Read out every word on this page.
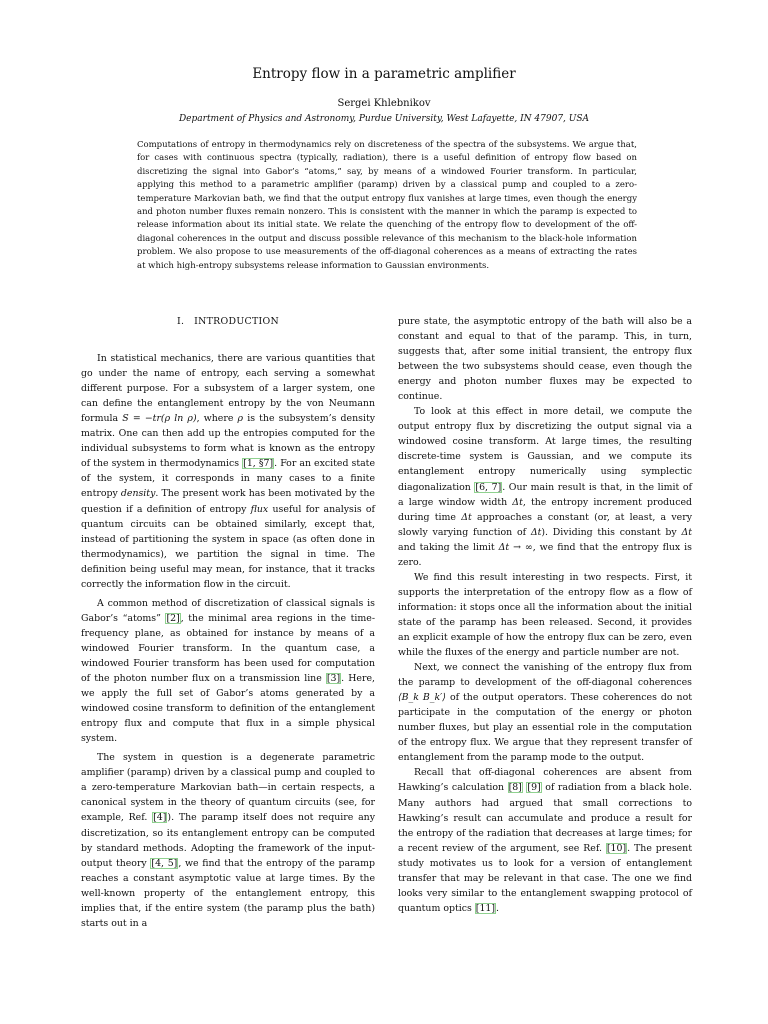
Entropy flow in a parametric amplifier
Sergei Khlebnikov
Department of Physics and Astronomy, Purdue University, West Lafayette, IN 47907, USA

Computations of entropy in thermodynamics rely on discreteness of the spectra of the subsystems. We argue that, for cases with continuous spectra (typically, radiation), there is a useful definition of entropy flow based on discretizing the signal into Gabor’s “atoms,” say, by means of a windowed Fourier transform. In particular, applying this method to a parametric amplifier (paramp) driven by a classical pump and coupled to a zero-temperature Markovian bath, we find that the output entropy flux vanishes at large times, even though the energy and photon number fluxes remain nonzero. This is consistent with the manner in which the paramp is expected to release information about its initial state. We relate the quenching of the entropy flow to development of the off-diagonal coherences in the output and discuss possible relevance of this mechanism to the black-hole information problem. We also propose to use measurements of the off-diagonal coherences as a means of extracting the rates at which high-entropy subsystems release information to Gaussian environments.

I. INTRODUCTION

In statistical mechanics, there are various quantities that go under the name of entropy, each serving a somewhat different purpose. For a subsystem of a larger system, one can define the entanglement entropy by the von Neumann formula S = −tr(ρ ln ρ), where ρ is the subsystem’s density matrix. One can then add up the entropies computed for the individual subsystems to form what is known as the entropy of the system in thermodynamics [1, §7]. For an excited state of the system, it corresponds in many cases to a finite entropy density. The present work has been motivated by the question if a definition of entropy flux useful for analysis of quantum circuits can be obtained similarly, except that, instead of partitioning the system in space (as often done in thermodynamics), we partition the signal in time. The definition being useful may mean, for instance, that it tracks correctly the information flow in the circuit.

A common method of discretization of classical signals is Gabor’s “atoms” [2], the minimal area regions in the time-frequency plane, as obtained for instance by means of a windowed Fourier transform. In the quantum case, a windowed Fourier transform has been used for computation of the photon number flux on a transmission line [3]. Here, we apply the full set of Gabor’s atoms generated by a windowed cosine transform to definition of the entanglement entropy flux and compute that flux in a simple physical system.

The system in question is a degenerate parametric amplifier (paramp) driven by a classical pump and coupled to a zero-temperature Markovian bath—in certain respects, a canonical system in the theory of quantum circuits (see, for example, Ref. [4]). The paramp itself does not require any discretization, so its entanglement entropy can be computed by standard methods. Adopting the framework of the input-output theory [4, 5], we find that the entropy of the paramp reaches a constant asymptotic value at large times. By the well-known property of the entanglement entropy, this implies that, if the entire system (the paramp plus the bath) starts out in a

pure state, the asymptotic entropy of the bath will also be a constant and equal to that of the paramp. This, in turn, suggests that, after some initial transient, the entropy flux between the two subsystems should cease, even though the energy and photon number fluxes may be expected to continue.

To look at this effect in more detail, we compute the output entropy flux by discretizing the output signal via a windowed cosine transform. At large times, the resulting discrete-time system is Gaussian, and we compute its entanglement entropy numerically using symplectic diagonalization [6, 7]. Our main result is that, in the limit of a large window width Δt, the entropy increment produced during time Δt approaches a constant (or, at least, a very slowly varying function of Δt). Dividing this constant by Δt and taking the limit Δt → ∞, we find that the entropy flux is zero.

We find this result interesting in two respects. First, it supports the interpretation of the entropy flow as a flow of information: it stops once all the information about the initial state of the paramp has been released. Second, it provides an explicit example of how the entropy flux can be zero, even while the fluxes of the energy and particle number are not.

Next, we connect the vanishing of the entropy flux from the paramp to development of the off-diagonal coherences ⟨B_k B_k′⟩ of the output operators. These coherences do not participate in the computation of the energy or photon number fluxes, but play an essential role in the computation of the entropy flux. We argue that they represent transfer of entanglement from the paramp mode to the output.

Recall that off-diagonal coherences are absent from Hawking’s calculation [8] [9] of radiation from a black hole. Many authors had argued that small corrections to Hawking’s result can accumulate and produce a result for the entropy of the radiation that decreases at large times; for a recent review of the argument, see Ref. [10]. The present study motivates us to look for a version of entanglement transfer that may be relevant in that case. The one we find looks very similar to the entanglement swapping protocol of quantum optics [11].
